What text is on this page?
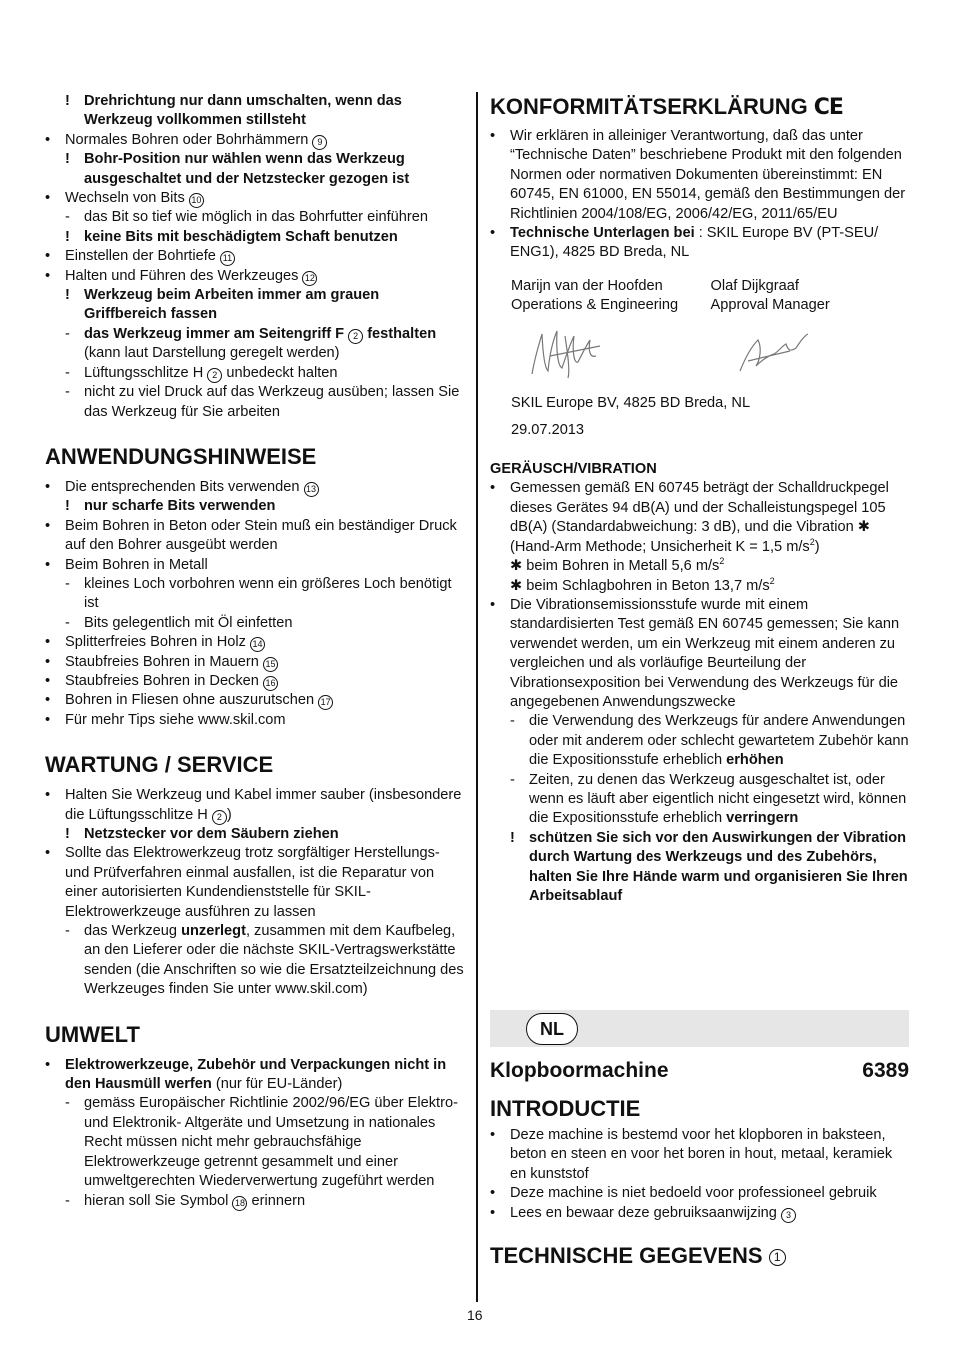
! Drehrichtung nur dann umschalten, wenn das Werkzeug vollkommen stillsteht
• Normales Bohren oder Bohrhämmern 9
! Bohr-Position nur wählen wenn das Werkzeug ausgeschaltet und der Netzstecker gezogen ist
• Wechseln von Bits 10
- das Bit so tief wie möglich in das Bohrfutter einführen
! keine Bits mit beschädigtem Schaft benutzen
• Einstellen der Bohrtiefe 11
• Halten und Führen des Werkzeuges 12
! Werkzeug beim Arbeiten immer am grauen Griffbereich fassen
- das Werkzeug immer am Seitengriff F 2 festhalten (kann laut Darstellung geregelt werden)
- Lüftungsschlitze H 2 unbedeckt halten
- nicht zu viel Druck auf das Werkzeug ausüben; lassen Sie das Werkzeug für Sie arbeiten
ANWENDUNGSHINWEISE
• Die entsprechenden Bits verwenden 13
! nur scharfe Bits verwenden
• Beim Bohren in Beton oder Stein muß ein beständiger Druck auf den Bohrer ausgeübt werden
• Beim Bohren in Metall
- kleines Loch vorbohren wenn ein größeres Loch benötigt ist
- Bits gelegentlich mit Öl einfetten
• Splitterfreies Bohren in Holz 14
• Staubfreies Bohren in Mauern 15
• Staubfreies Bohren in Decken 16
• Bohren in Fliesen ohne auszurutschen 17
• Für mehr Tips siehe www.skil.com
WARTUNG / SERVICE
• Halten Sie Werkzeug und Kabel immer sauber (insbesondere die Lüftungsschlitze H 2 )
! Netzstecker vor dem Säubern ziehen
• Sollte das Elektrowerkzeug trotz sorgfältiger Herstellungs- und Prüfverfahren einmal ausfallen, ist die Reparatur von einer autorisierten Kundendienststelle für SKIL-Elektrowerkzeuge ausführen zu lassen
- das Werkzeug unzerlegt, zusammen mit dem Kaufbeleg, an den Lieferer oder die nächste SKIL-Vertragswerkstätte senden (die Anschriften so wie die Ersatzteilzeichnung des Werkzeuges finden Sie unter www.skil.com)
UMWELT
• Elektrowerkzeuge, Zubehör und Verpackungen nicht in den Hausmüll werfen (nur für EU-Länder)
- gemäss Europäischer Richtlinie 2002/96/EG über Elektro- und Elektronik- Altgeräte und Umsetzung in nationales Recht müssen nicht mehr gebrauchsfähige Elektrowerkzeuge getrennt gesammelt und einer umweltgerechten Wiederverwertung zugeführt werden
- hieran soll Sie Symbol 18 erinnern
KONFORMITÄTSERKLÄRUNG CE
• Wir erklären in alleiniger Verantwortung, daß das unter “Technische Daten” beschriebene Produkt mit den folgenden Normen oder normativen Dokumenten übereinstimmt: EN 60745, EN 61000, EN 55014, gemäß den Bestimmungen der Richtlinien 2004/108/EG, 2006/42/EG, 2011/65/EU
• Technische Unterlagen bei : SKIL Europe BV (PT-SEU/ ENG1), 4825 BD Breda, NL
Marijn van der Hoofden
Operations & Engineering
Olaf Dijkgraaf
Approval Manager
SKIL Europe BV, 4825 BD Breda, NL
29.07.2013
GERÄUSCH/VIBRATION
• Gemessen gemäß EN 60745 beträgt der Schalldruckpegel dieses Gerätes 94 dB(A) und der Schalleistungspegel 105 dB(A) (Standardabweichung: 3 dB), und die Vibration ✱ (Hand-Arm Methode; Unsicherheit K = 1,5 $m/s^2$)
✱ beim Bohren in Metall 5,6 $m/s^2$
✱ beim Schlagbohren in Beton 13,7 $m/s^2$
• Die Vibrationsemissionsstufe wurde mit einem standardisierten Test gemäß EN 60745 gemessen; Sie kann verwendet werden, um ein Werkzeug mit einem anderen zu vergleichen und als vorläufige Beurteilung der Vibrationsexposition bei Verwendung des Werkzeugs für die angegebenen Anwendungszwecke
- die Verwendung des Werkzeugs für andere Anwendungen oder mit anderem oder schlecht gewartetem Zubehör kann die Expositionsstufe erheblich erhöhen
- Zeiten, zu denen das Werkzeug ausgeschaltet ist, oder wenn es läuft aber eigentlich nicht eingesetzt wird, können die Expositionsstufe erheblich verringern
! schützen Sie sich vor den Auswirkungen der Vibration durch Wartung des Werkzeugs und des Zubehörs, halten Sie Ihre Hände warm und organisieren Sie Ihren Arbeitsablauf
NL
Klopboormachine	6389
INTRODUCTIE
• Deze machine is bestemd voor het klopboren in baksteen, beton en steen en voor het boren in hout, metaal, keramiek en kunststof
• Deze machine is niet bedoeld voor professioneel gebruik
• Lees en bewaar deze gebruiksaanwijzing 3
TECHNISCHE GEGEVENS 1
16
